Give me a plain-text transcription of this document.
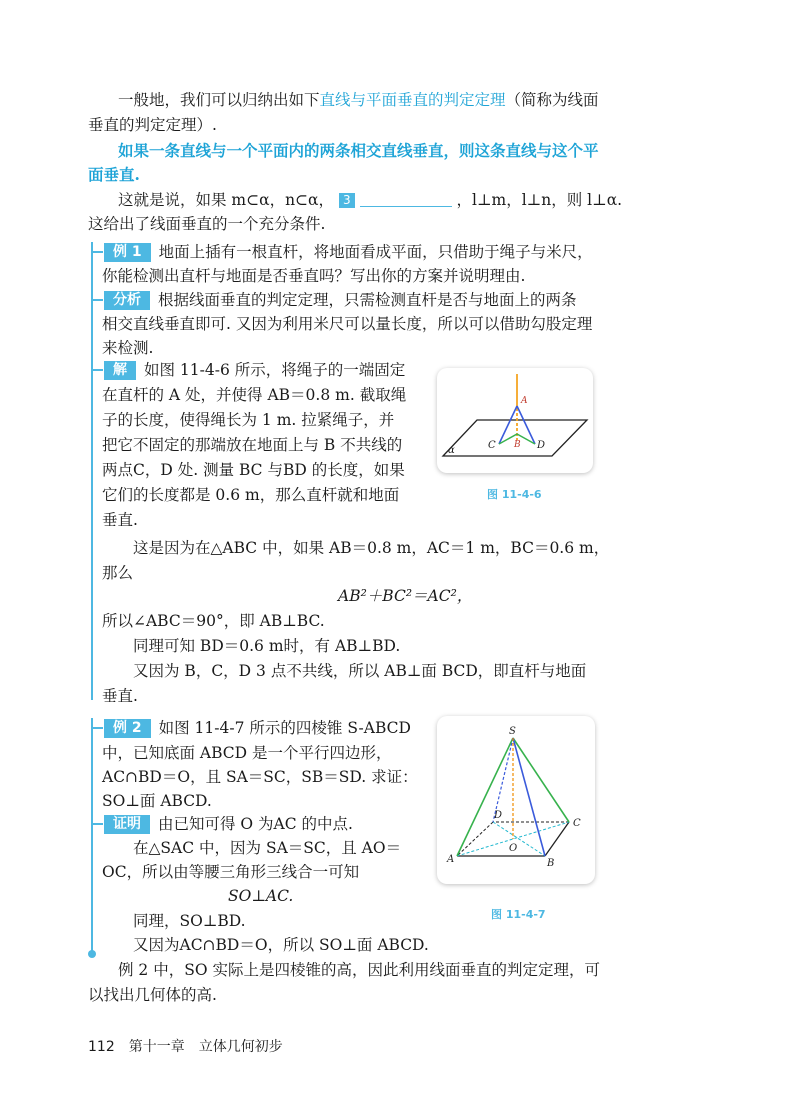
一般地，我们可以归纳出如下直线与平面垂直的判定定理（简称为线面
垂直的判定定理）.
如果一条直线与一个平面内的两条相交直线垂直，则这条直线与这个平
面垂直.
这就是说，如果 m⊂α，n⊂α， 3	，l⊥m，l⊥n，则 l⊥α.
这给出了线面垂直的一个充分条件.
例 1 地面上插有一根直杆，将地面看成平面，只借助于绳子与米尺，
你能检测出直杆与地面是否垂直吗？写出你的方案并说明理由.
分析 根据线面垂直的判定定理，只需检测直杆是否与地面上的两条
相交直线垂直即可. 又因为利用米尺可以量长度，所以可以借助勾股定理
来检测.
解 如图 11-4-6 所示，将绳子的一端固定
在直杆的 A 处，并使得 AB＝0.8 m. 截取绳
子的长度，使得绳长为 1 m. 拉紧绳子，并
把它不固定的那端放在地面上与 B 不共线的
两点C，D 处. 测量 BC 与BD 的长度，如果
它们的长度都是 0.6 m，那么直杆就和地面
垂直.
这是因为在△ABC 中，如果 AB＝0.8 m，AC＝1 m，BC＝0.6 m，
那么
AB²＋BC²＝AC²，
所以∠ABC＝90°，即 AB⊥BC.
同理可知 BD＝0.6 m时，有 AB⊥BD.
又因为 B，C，D 3 点不共线，所以 AB⊥面 BCD，即直杆与地面
垂直.
A
B
C	D
α
图 11-4-6
例 2 如图 11-4-7 所示的四棱锥 S-ABCD
中，已知底面 ABCD 是一个平行四边形，
AC∩BD＝O，且 SA＝SC，SB＝SD. 求证：
SO⊥面 ABCD.
证明 由已知可得 O 为AC 的中点.
在△SAC 中，因为 SA＝SC，且 AO＝
OC，所以由等腰三角形三线合一可知
SO⊥AC.
同理，SO⊥BD.
又因为AC∩BD＝O，所以 SO⊥面 ABCD.
S
A	B
C
D
O
图 11-4-7
例 2 中，SO 实际上是四棱锥的高，因此利用线面垂直的判定定理，可
以找出几何体的高.
112 第十一章　立体几何初步
